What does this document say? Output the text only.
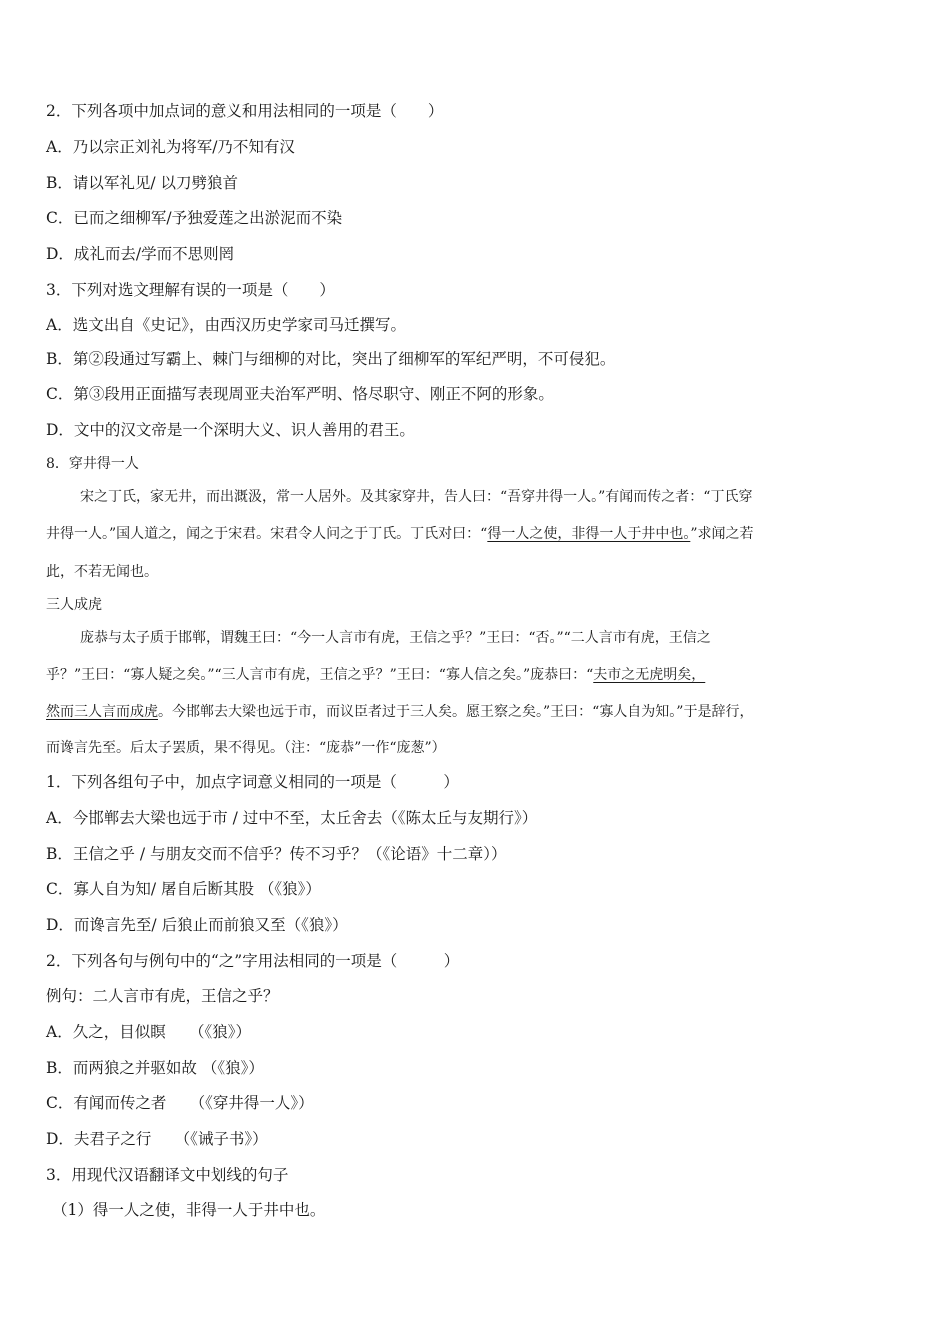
2．下列各项中加点词的意义和用法相同的一项是（　　）
A．乃以宗正刘礼为将军/乃不知有汉
B．请以军礼见/ 以刀劈狼首
C．已而之细柳军/予独爱莲之出淤泥而不染
D．成礼而去/学而不思则罔
3．下列对选文理解有误的一项是（　　）
A．选文出自《史记》，由西汉历史学家司马迁撰写。
B．第②段通过写霸上、棘门与细柳的对比，突出了细柳军的军纪严明，不可侵犯。
C．第③段用正面描写表现周亚夫治军严明、恪尽职守、刚正不阿的形象。
D．文中的汉文帝是一个深明大义、识人善用的君王。
8．穿井得一人
宋之丁氏，家无井，而出溉汲，常一人居外。及其家穿井，告人曰：“吾穿井得一人。”有闻而传之者：“丁氏穿
井得一人。”国人道之，闻之于宋君。宋君令人问之于丁氏。丁氏对曰：“得一人之使，非得一人于井中也。”求闻之若
此，不若无闻也。
三人成虎
庞恭与太子质于邯郸，谓魏王曰：“今一人言市有虎，王信之乎？”王曰：“否。”“二人言市有虎，王信之
乎？”王曰：“寡人疑之矣。”“三人言市有虎，王信之乎？”王曰：“寡人信之矣。”庞恭曰：“夫市之无虎明矣，
然而三人言而成虎。今邯郸去大梁也远于市，而议臣者过于三人矣。愿王察之矣。”王曰：“寡人自为知。”于是辞行，
而谗言先至。后太子罢质，果不得见。（注：“庞恭”一作“庞葱”）
1．下列各组句子中，加点字词意义相同的一项是（　　　）
A．今邯郸去大梁也远于市 / 过中不至，太丘舍去（《陈太丘与友期行》）
B．王信之乎 / 与朋友交而不信乎？传不习乎？（《论语》十二章））
C．寡人自为知/ 屠自后断其股 （《狼》）
D．而谗言先至/ 后狼止而前狼又至（《狼》）
2．下列各句与例句中的“之”字用法相同的一项是（　　　）
例句：二人言市有虎，王信之乎？
A．久之，目似瞑　　（《狼》）
B．而两狼之并驱如故 （《狼》）
C．有闻而传之者　　（《穿井得一人》）
D．夫君子之行　　（《诫子书》）
3．用现代汉语翻译文中划线的句子
（1）得一人之使，非得一人于井中也。
